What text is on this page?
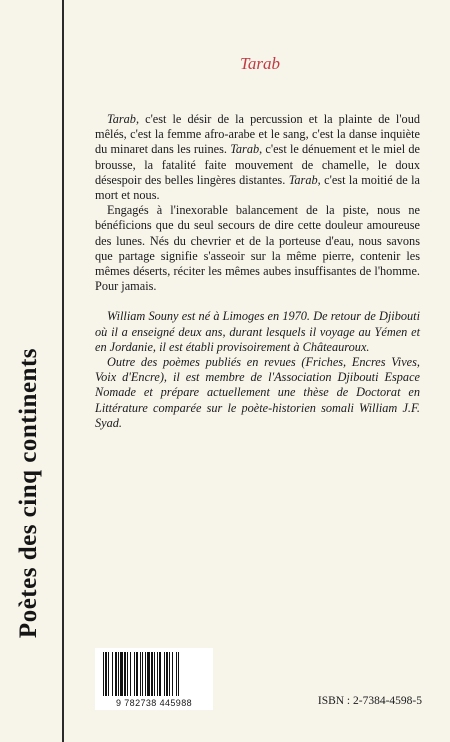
Poètes des cinq continents
Tarab

Tarab, c'est le désir de la percussion et la plainte de l'oud mêlés, c'est la femme afro-arabe et le sang, c'est la danse inquiète du minaret dans les ruines. Tarab, c'est le dénuement et le miel de brousse, la fatalité faite mouvement de chamelle, le doux désespoir des belles lingères distantes. Tarab, c'est la moitié de la mort et nous.

Engagés à l'inexorable balancement de la piste, nous ne bénéficions que du seul secours de dire cette douleur amoureuse des lunes. Nés du chevrier et de la porteuse d'eau, nous savons que partage signifie s'asseoir sur la même pierre, contenir les mêmes déserts, réciter les mêmes aubes insuffisantes de l'homme. Pour jamais.

William Souny est né à Limoges en 1970. De retour de Djibouti où il a enseigné deux ans, durant lesquels il voyage au Yémen et en Jordanie, il est établi provisoirement à Châteauroux.

Outre des poèmes publiés en revues (Friches, Encres Vives, Voix d'Encre), il est membre de l'Association Djibouti Espace Nomade et prépare actuellement une thèse de Doctorat en Littérature comparée sur le poète-historien somali William J.F. Syad.

9 782738 445988	ISBN : 2-7384-4598-5
